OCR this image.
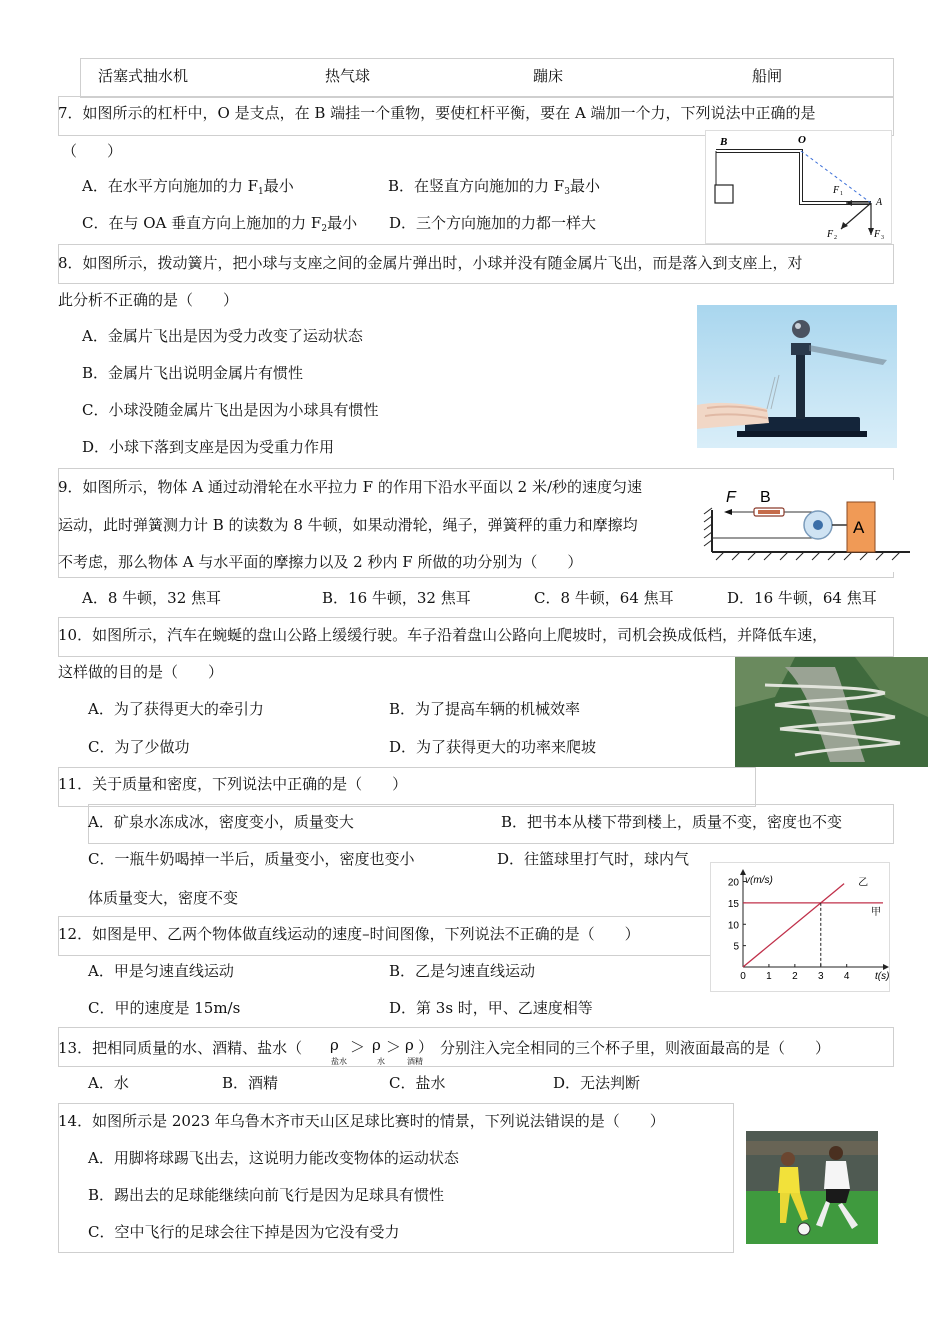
活塞式抽水机	热气球	蹦床	船闸
7．如图所示的杠杆中，O 是支点，在 B 端挂一个重物，要使杠杆平衡，要在 A 端加一个力，下列说法中正确的是
（　　）
A．在水平方向施加的力 $F_1$最小	B．在竖直方向施加的力 $F_3$最小
C．在与 OA 垂直方向上施加的力 $F_2$最小 D．三个方向施加的力都一样大
B	O
A
F 1
F 2	F 3
8．如图所示，拨动簧片，把小球与支座之间的金属片弹出时，小球并没有随金属片飞出，而是落入到支座上，对
此分析不正确的是（　　）
A．金属片飞出是因为受力改变了运动状态
B．金属片飞出说明金属片有惯性
C．小球没随金属片飞出是因为小球具有惯性
D．小球下落到支座是因为受重力作用
9．如图所示，物体 A 通过动滑轮在水平拉力 F 的作用下沿水平面以 2 米/秒的速度匀速
运动，此时弹簧测力计 B 的读数为 8 牛顿，如果动滑轮，绳子，弹簧秤的重力和摩擦均
不考虑，那么物体 A 与水平面的摩擦力以及 2 秒内 F 所做的功分别为（　　）
A．8 牛顿，32 焦耳	B．16 牛顿，32 焦耳	C．8 牛顿，64 焦耳	D．16 牛顿，64 焦耳
F B
A
10．如图所示，汽车在蜿蜒的盘山公路上缓缓行驶。车子沿着盘山公路向上爬坡时，司机会换成低档，并降低车速，
这样做的目的是（　　）
A．为了获得更大的牵引力	B．为了提高车辆的机械效率
C．为了少做功	D．为了获得更大的功率来爬坡
11．关于质量和密度，下列说法中正确的是（　　）
A．矿泉水冻成冰，密度变小，质量变大	B．把书本从楼下带到楼上，质量不变，密度也不变
C．一瓶牛奶喝掉一半后，质量变小，密度也变小	D．往篮球里打气时，球内气
体质量变大，密度不变
12．如图是甲、乙两个物体做直线运动的速度–时间图像，下列说法不正确的是（　　）
A．甲是匀速直线运动	B．乙是匀速直线运动
C．甲的速度是 15m/s	D．第 3s 时，甲、乙速度相等
0 1 2 3 4
5
10
15
20 v(m/s)
t(s)
甲
乙
13．把相同质量的水、酒精、盐水（ ρ
盐水
＞ ρ
水
＞ ρ
酒精
） 分别注入完全相同的三个杯子里，则液面最高的是（　　）
A．水	B．酒精	C．盐水	D．无法判断
14．如图所示是 2023 年乌鲁木齐市天山区足球比赛时的情景，下列说法错误的是（　　）
A．用脚将球踢飞出去，这说明力能改变物体的运动状态
B．踢出去的足球能继续向前飞行是因为足球具有惯性
C．空中飞行的足球会往下掉是因为它没有受力
